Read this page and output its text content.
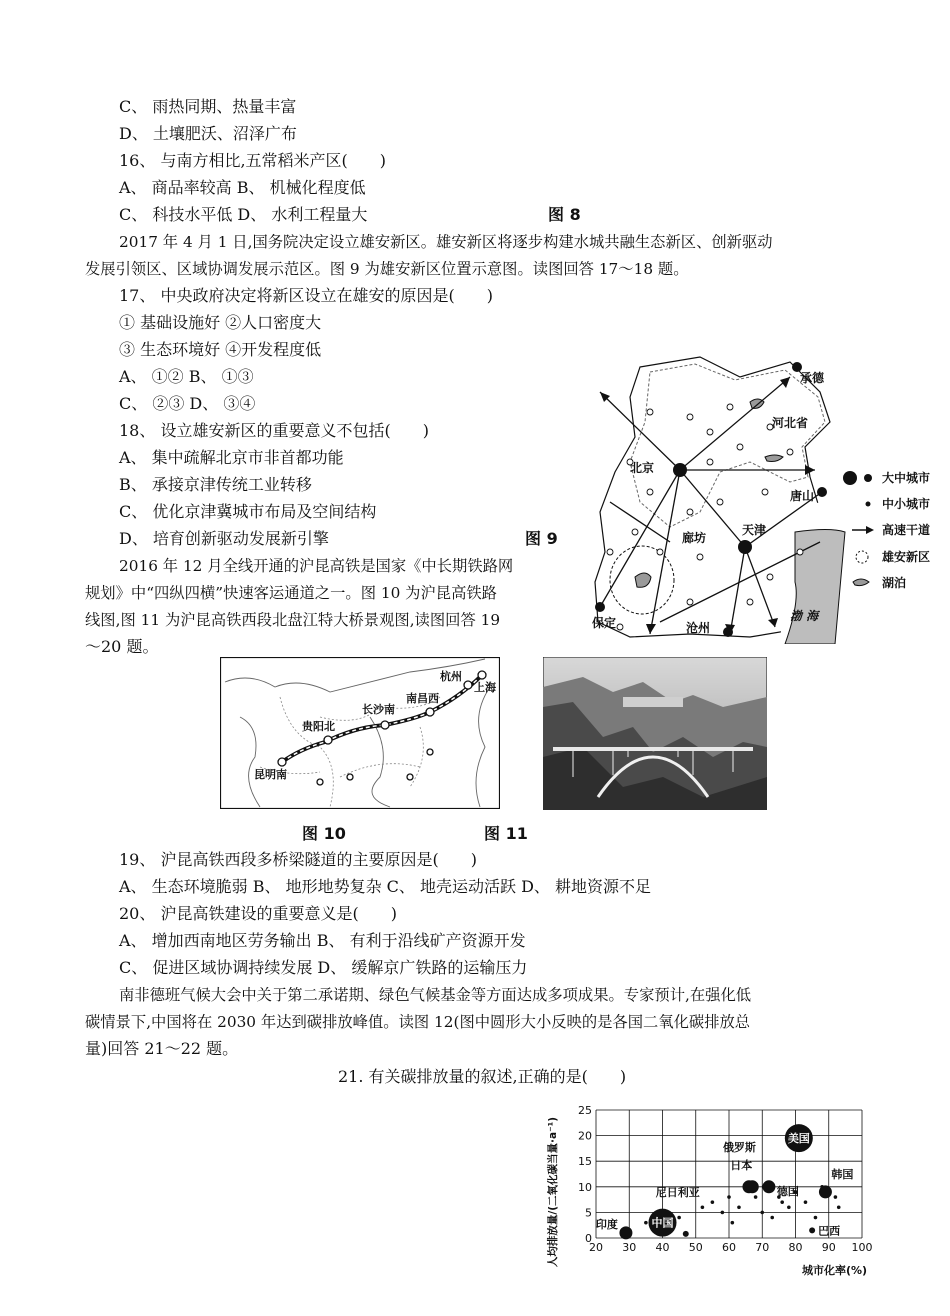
C、 雨热同期、热量丰富
D、 土壤肥沃、沼泽广布
16、 与南方相比,五常稻米产区(　　)
A、 商品率较高 B、 机械化程度低
C、 科技水平低 D、 水利工程量大	图 8
2017 年 4 月 1 日,国务院决定设立雄安新区。雄安新区将逐步构建水城共融生态新区、创新驱动
发展引领区、区域协调发展示范区。图 9 为雄安新区位置示意图。读图回答 17～18 题。
17、 中央政府决定将新区设立在雄安的原因是(　　)
① 基础设施好 ②人口密度大
③ 生态环境好 ④开发程度低
A、 ①② B、 ①③
C、 ②③ D、 ③④
18、 设立雄安新区的重要意义不包括(　　)
A、 集中疏解北京市非首都功能
B、 承接京津传统工业转移
C、 优化京津冀城市布局及空间结构
D、 培育创新驱动发展新引擎	图 9
2016 年 12 月全线开通的沪昆高铁是国家《中长期铁路网
规划》中“四纵四横”快速客运通道之一。图 10 为沪昆高铁路
线图,图 11 为沪昆高铁西段北盘江特大桥景观图,读图回答 19
～20 题。
承德
河北省
北京
唐山
廊坊
天津
保定	沧州
渤 海
大中城市
中小城市
高速干道
雄安新区
湖泊
杭州
上海
南昌西
长沙南
贵阳北
昆明南
图 10	图 11
19、 沪昆高铁西段多桥梁隧道的主要原因是(　　)
A、 生态环境脆弱 B、 地形地势复杂 C、 地壳运动活跃 D、 耕地资源不足
20、 沪昆高铁建设的重要意义是(　　)
A、 增加西南地区劳务输出 B、 有利于沿线矿产资源开发
C、 促进区域协调持续发展 D、 缓解京广铁路的运输压力
南非德班气候大会中关于第二承诺期、绿色气候基金等方面达成多项成果。专家预计,在强化低
碳情景下,中国将在 2030 年达到碳排放峰值。读图 12(图中圆形大小反映的是各国二氧化碳排放总
量)回答 21～22 题。
21. 有关碳排放量的叙述,正确的是(　　)
20 30 40 50 60 70 80 90 100
0
5
10
15
20
25
印度	中国
尼日利亚
俄罗斯
日本
美国
德国
韩国
巴西
城市化率(%)
人均排放量/(二氧化碳当量·a⁻¹)
